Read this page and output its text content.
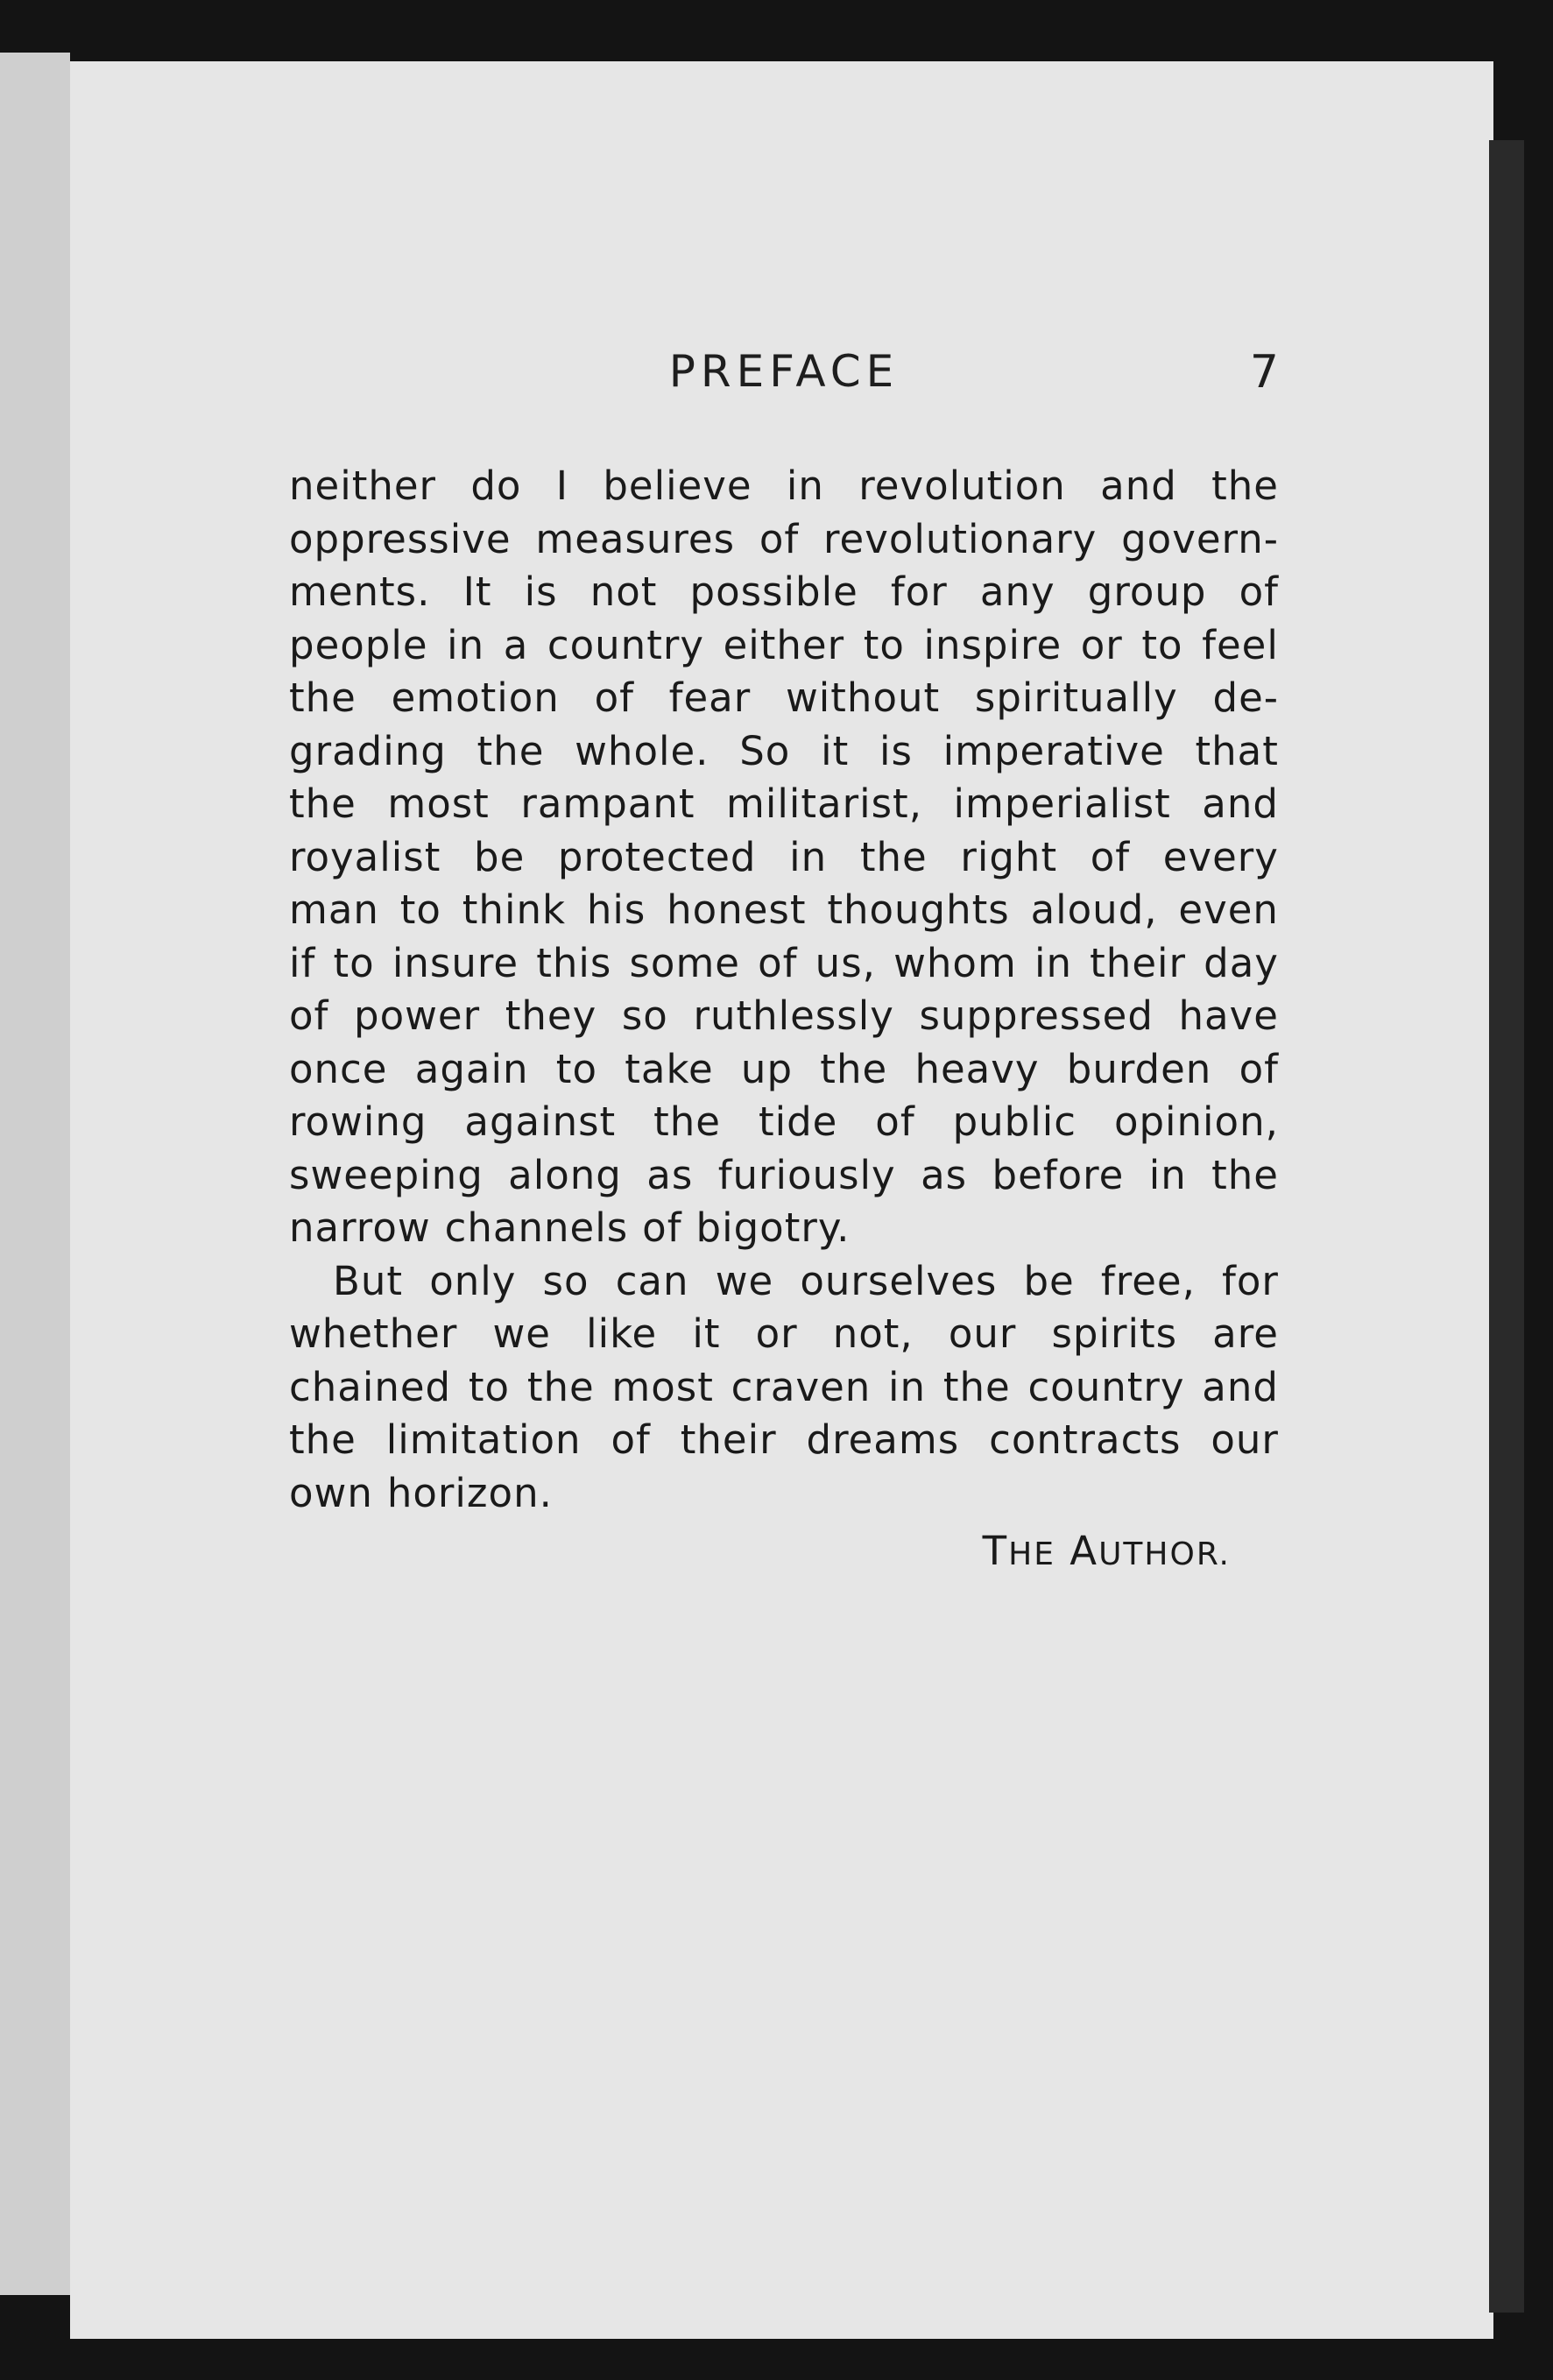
PREFACE	7
neither do I believe in revolution and the
oppressive measures of revolutionary govern-
ments. It is not possible for any group of
people in a country either to inspire or to feel
the emotion of fear without spiritually de-
grading the whole. So it is imperative that
the most rampant militarist, imperialist and
royalist be protected in the right of every
man to think his honest thoughts aloud, even
if to insure this some of us, whom in their day
of power they so ruthlessly suppressed have
once again to take up the heavy burden of
rowing against the tide of public opinion,
sweeping along as furiously as before in the
narrow channels of bigotry.
But only so can we ourselves be free, for
whether we like it or not, our spirits are
chained to the most craven in the country and
the limitation of their dreams contracts our
own horizon.
THE AUTHOR.
